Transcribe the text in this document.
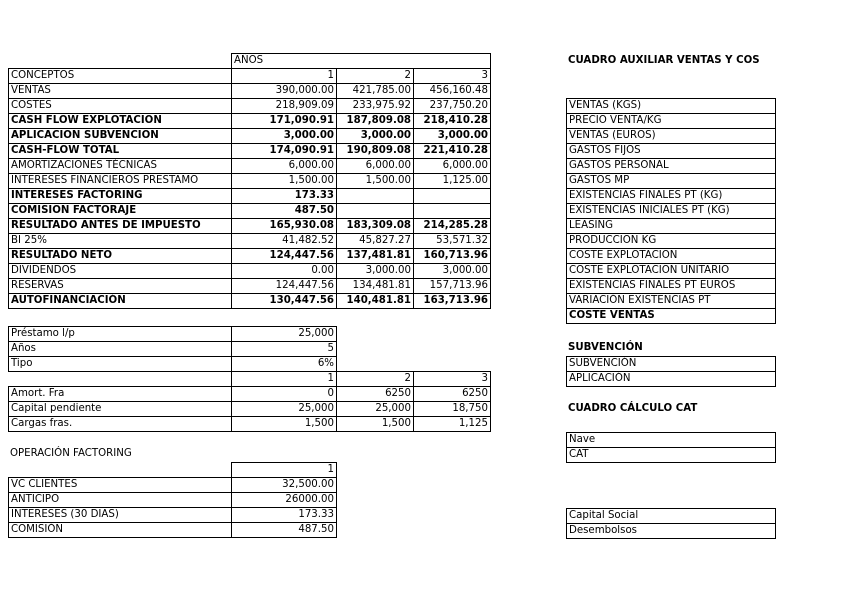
	AÑOS		
CONCEPTOS	1	2	3
VENTAS	390,000.00	421,785.00	456,160.48
COSTES	218,909.09	233,975.92	237,750.20
CASH FLOW EXPLOTACION	171,090.91	187,809.08	218,410.28
APLICACION SUBVENCION	3,000.00	3,000.00	3,000.00
CASH-FLOW TOTAL	174,090.91	190,809.08	221,410.28
AMORTIZACIONES TÉCNICAS	6,000.00	6,000.00	6,000.00
INTERESES FINANCIEROS PRESTAMO	1,500.00	1,500.00	1,125.00
INTERESES FACTORING	173.33		
COMISION FACTORAJE	487.50		
RESULTADO ANTES DE IMPUESTO	165,930.08	183,309.08	214,285.28
BI 25%	41,482.52	45,827.27	53,571.32
RESULTADO NETO	124,447.56	137,481.81	160,713.96
DIVIDENDOS	0.00	3,000.00	3,000.00
RESERVAS	124,447.56	134,481.81	157,713.96
AUTOFINANCIACIÓN	130,447.56	140,481.81	163,713.96
Préstamo l/p	25,000		
Años	5		
Tipo	6%		
	1	2	3
Amort. Fra	0	6250	6250
Capital pendiente	25,000	25,000	18,750
Cargas fras.	1,500	1,500	1,125
OPERACIÓN FACTORING
	1
VC CLIENTES	32,500.00
ANTICIPO	26000.00
INTERESES (30 DIAS)	173.33
COMISIÓN	487.50
CUADRO AUXILIAR VENTAS Y COS
VENTAS (KGS)
PRECIO VENTA/KG
VENTAS (EUROS)
GASTOS FIJOS
GASTOS PERSONAL
GASTOS MP
EXISTENCIAS FINALES PT (KG)
EXISTENCIAS INICIALES PT (KG)
LEASING
PRODUCCION KG
COSTE EXPLOTACION
COSTE EXPLOTACION UNITARIO
EXISTENCIAS FINALES PT EUROS
VARIACIÓN EXISTENCIAS PT
COSTE VENTAS
SUBVENCIÓN
SUBVENCIÓN
APLICACIÓN
CUADRO CÁLCULO CAT
Nave
CAT
Capital Social
Desembolsos
